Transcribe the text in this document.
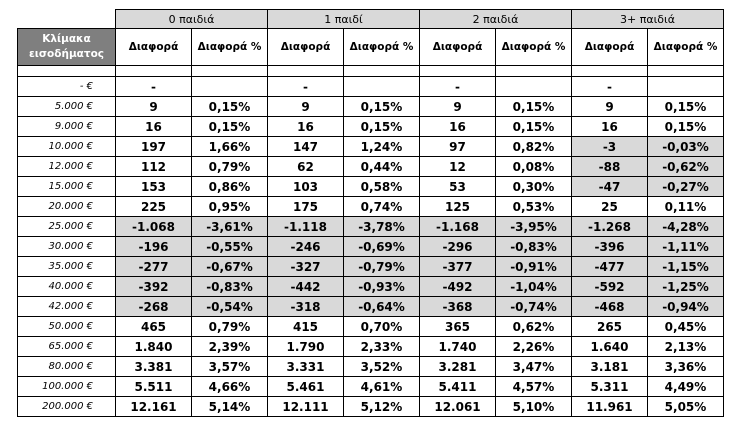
	0 παιδιά		1 παιδί		2 παιδιά		3+ παιδιά	
Κλίμακα εισοδήματος	Διαφορά	Διαφορά %	Διαφορά	Διαφορά %	Διαφορά	Διαφορά %	Διαφορά	Διαφορά %

- €	-		-		-		-	
5.000 €	9	0,15%	9	0,15%	9	0,15%	9	0,15%
9.000 €	16	0,15%	16	0,15%	16	0,15%	16	0,15%
10.000 €	197	1,66%	147	1,24%	97	0,82%	-3	-0,03%
12.000 €	112	0,79%	62	0,44%	12	0,08%	-88	-0,62%
15.000 €	153	0,86%	103	0,58%	53	0,30%	-47	-0,27%
20.000 €	225	0,95%	175	0,74%	125	0,53%	25	0,11%
25.000 €	-1.068	-3,61%	-1.118	-3,78%	-1.168	-3,95%	-1.268	-4,28%
30.000 €	-196	-0,55%	-246	-0,69%	-296	-0,83%	-396	-1,11%
35.000 €	-277	-0,67%	-327	-0,79%	-377	-0,91%	-477	-1,15%
40.000 €	-392	-0,83%	-442	-0,93%	-492	-1,04%	-592	-1,25%
42.000 €	-268	-0,54%	-318	-0,64%	-368	-0,74%	-468	-0,94%
50.000 €	465	0,79%	415	0,70%	365	0,62%	265	0,45%
65.000 €	1.840	2,39%	1.790	2,33%	1.740	2,26%	1.640	2,13%
80.000 €	3.381	3,57%	3.331	3,52%	3.281	3,47%	3.181	3,36%
100.000 €	5.511	4,66%	5.461	4,61%	5.411	4,57%	5.311	4,49%
200.000 €	12.161	5,14%	12.111	5,12%	12.061	5,10%	11.961	5,05%
